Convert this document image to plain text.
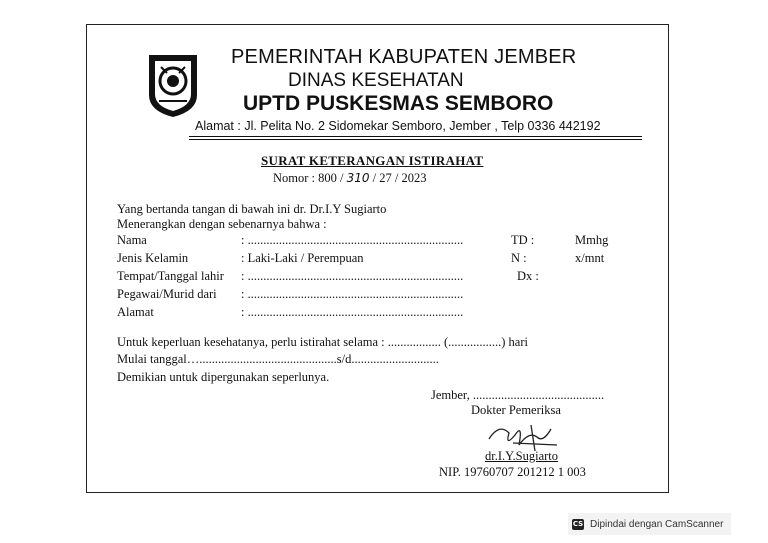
PEMERINTAH KABUPATEN JEMBER
DINAS KESEHATAN
UPTD PUSKESMAS SEMBORO
Alamat : Jl. Pelita No. 2 Sidomekar Semboro, Jember , Telp 0336 442192
SURAT KETERANGAN ISTIRAHAT
Nomor : 800 / 310 / 27 / 2023
Yang bertanda tangan di bawah ini dr. Dr.I.Y Sugiarto
Menerangkan dengan sebenarnya bahwa :
Nama	: .....................................................................
Jenis Kelamin	: Laki-Laki / Perempuan
Tempat/Tanggal lahir : .....................................................................
Pegawai/Murid dari : .....................................................................
Alamat	: .....................................................................
TD :	Mmhg
N :	x/mnt
Dx :
Untuk keperluan kesehatanya, perlu istirahat selama : ................. (.................) hari
Mulai tanggal…............................................s/d............................
Demikian untuk dipergunakan seperlunya.
Jember, ..........................................
Dokter Pemeriksa
dr.I.Y.Sugiarto
NIP. 19760707 201212 1 003
CS Dipindai dengan CamScanner
